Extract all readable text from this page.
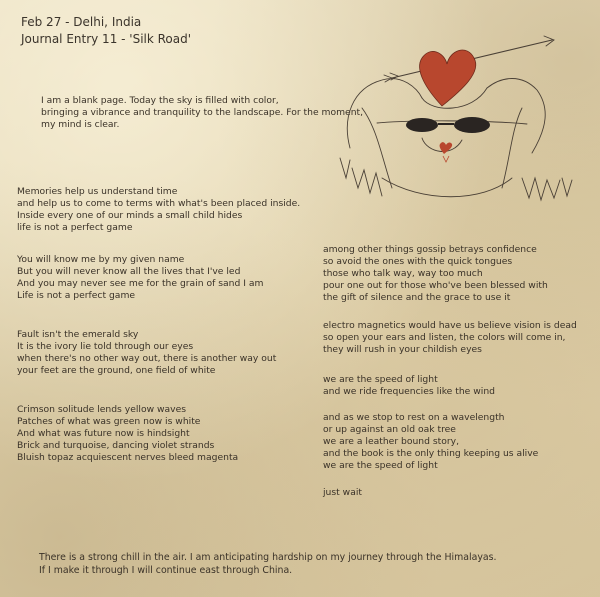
Feb 27 - Delhi, India
Journal Entry 11 - 'Silk Road'
I am a blank page. Today the sky is filled with color,
bringing a vibrance and tranquility to the landscape. For the moment,
my mind is clear.
Memories help us understand time
and help us to come to terms with what's been placed inside.
Inside every one of our minds a small child hides
life is not a perfect game
You will know me by my given name
But you will never know all the lives that I've led
And you may never see me for the grain of sand I am
Life is not a perfect game
Fault isn't the emerald sky
It is the ivory lie told through our eyes
when there's no other way out, there is another way out
your feet are the ground, one field of white
Crimson solitude lends yellow waves
Patches of what was green now is white
And what was future now is hindsight
Brick and turquoise, dancing violet strands
Bluish topaz acquiescent nerves bleed magenta
among other things gossip betrays confidence
so avoid the ones with the quick tongues
those who talk way, way too much
pour one out for those who've been blessed with
the gift of silence and the grace to use it
electro magnetics would have us believe vision is dead
so open your ears and listen, the colors will come in,
they will rush in your childish eyes
we are the speed of light
and we ride frequencies like the wind
and as we stop to rest on a wavelength
or up against an old oak tree
we are a leather bound story,
and the book is the only thing keeping us alive
we are the speed of light
just wait
There is a strong chill in the air. I am anticipating hardship on my journey through the Himalayas.
If I make it through I will continue east through China.
